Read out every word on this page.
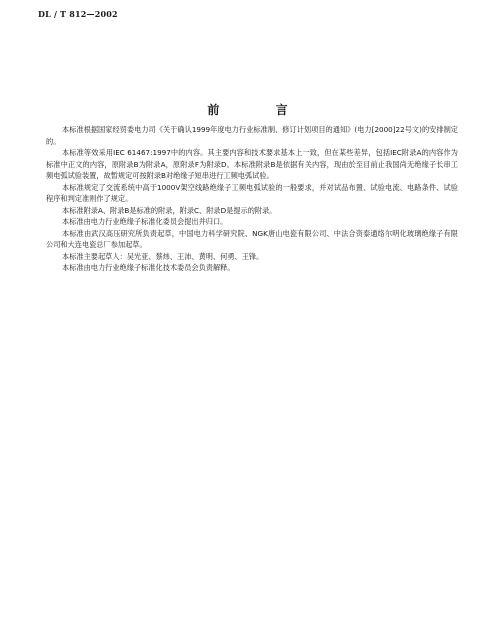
DL / T 812—2002
前 言

本标准根据国家经贸委电力司《关于确认1999年度电力行业标准制、修订计划项目的通知》(电力[2000]22号文)的安排制定的。

本标准等效采用IEC 61467:1997中的内容。其主要内容和技术要求基本上一致，但在某些差异，包括IEC附录A的内容作为标准中正文的内容，原附录B为附录A，原附录F为附录D。本标准附录B是依据有关内容，现由於至目前止我国尚无绝缘子长串工频电弧试验装置，故暂规定可按附录B对绝缘子短串进行工频电弧试验。

本标准规定了交流系统中高于1000V架空线路绝缘子工频电弧试验的一般要求，并对试品布置、试验电流、电路条件、试验程序和判定准则作了规定。

本标准附录A、附录B是标准的附录，附录C、附录D是提示的附录。

本标准由电力行业绝缘子标准化委员会提出并归口。

本标准由武汉高压研究所负责起草，中国电力科学研究院、NGK唐山电瓷有限公司、中法合资泰通络尔明化玻璃绝缘子有限公司和大连电瓷总厂参加起草。

本标准主要起草人：吴光亚、蔡炜、王沛、黄明、何勇、王锋。

本标准由电力行业绝缘子标准化技术委员会负责解释。
